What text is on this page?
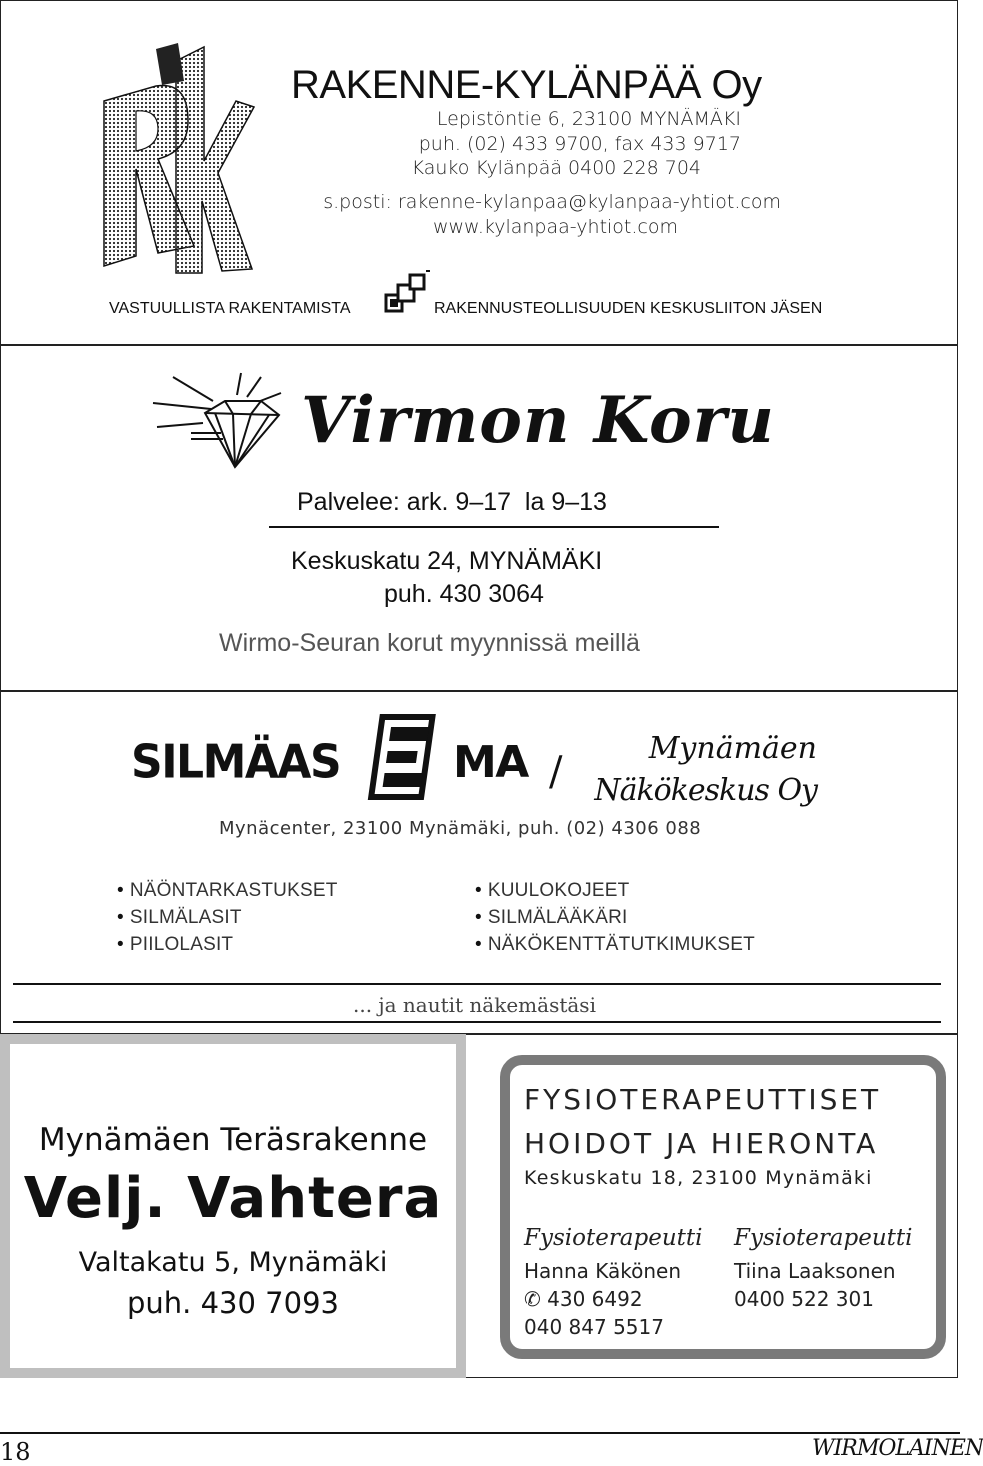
RAKENNE-KYLÄNPÄÄ Oy
Lepistöntie 6, 23100 MYNÄMÄKI
puh. (02) 433 9700, fax 433 9717
Kauko Kylänpää 0400 228 704
s.posti: rakenne-kylanpaa@kylanpaa-yhtiot.com
www.kylanpaa-yhtiot.com
VASTUULLISTA RAKENTAMISTA	RAKENNUSTEOLLISUUDEN KESKUSLIITON JÄSEN
Virmon Koru
Palvelee: ark. 9–17  la 9–13
Keskuskatu 24, MYNÄMÄKI
puh. 430 3064
Wirmo-Seuran korut myynnissä meillä
SILMÄAS	MA /
Mynämäen
Näkökeskus Oy
Mynäcenter, 23100 Mynämäki, puh. (02) 4306 088
• NÄÖNTARKASTUKSET
• SILMÄLASIT
• PIILOLASIT
• KUULOKOJEET
• SILMÄLÄÄKÄRI
• NÄKÖKENTTÄTUTKIMUKSET
... ja nautit näkemästäsi
Mynämäen Teräsrakenne
Velj. Vahtera
Valtakatu 5, Mynämäki
puh. 430 7093
FYSIOTERAPEUTTISET
HOIDOT JA HIERONTA
Keskuskatu 18, 23100 Mynämäki
Fysioterapeutti
Hanna Käkönen
✆ 430 6492
040 847 5517
Fysioterapeutti
Tiina Laaksonen
0400 522 301
18	WIRMOLAINEN
